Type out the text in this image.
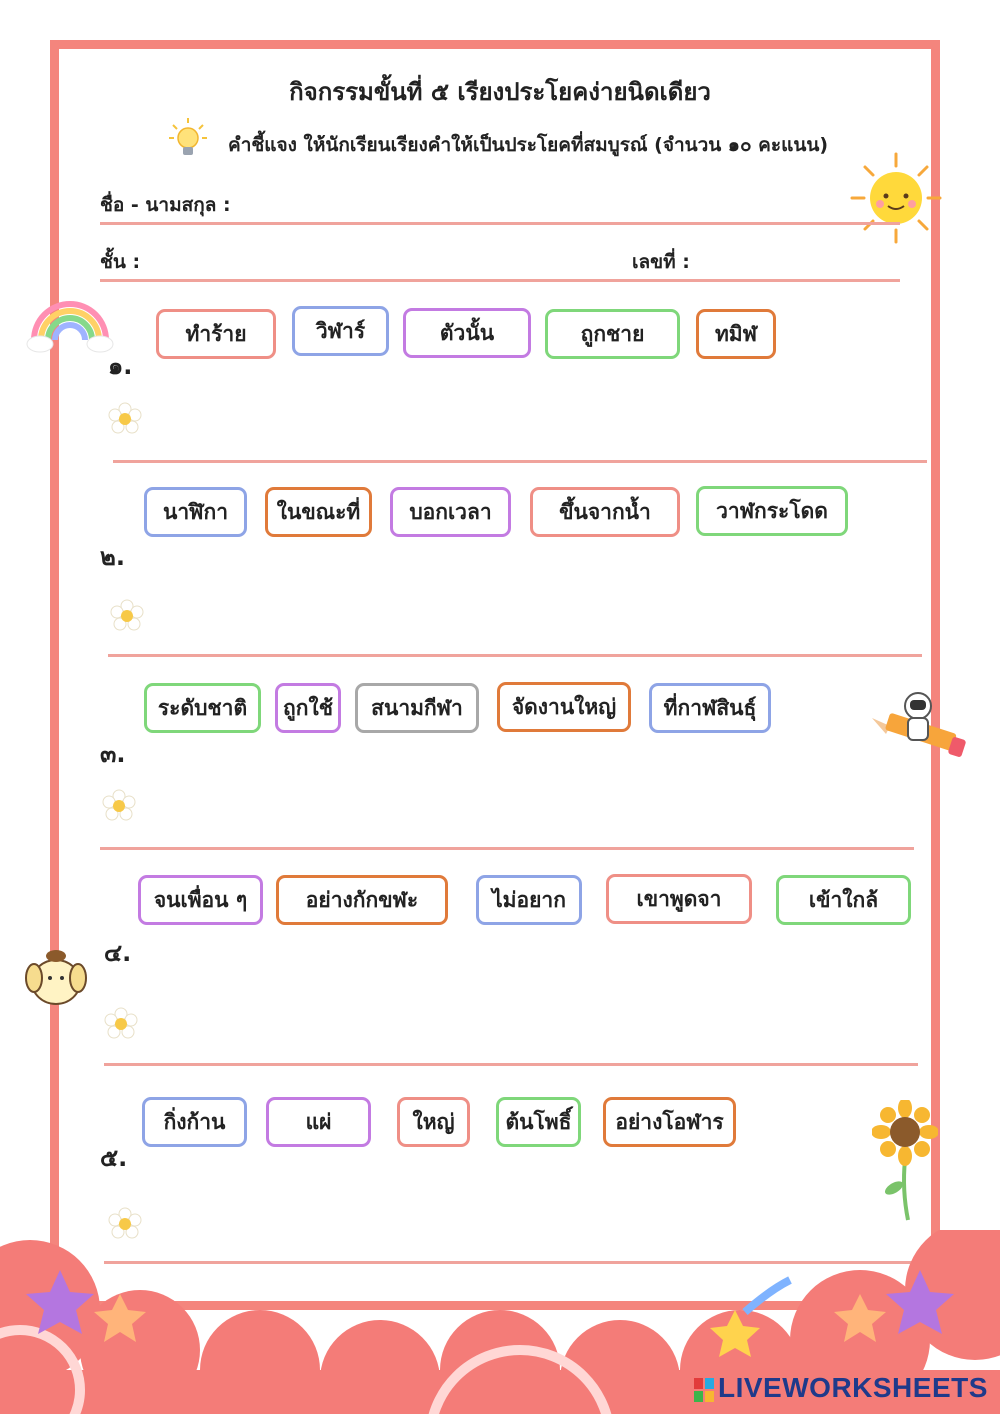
กิจกรรมขั้นที่ ๕ เรียงประโยคง่ายนิดเดียว
คำชี้แจง ให้นักเรียนเรียงคำให้เป็นประโยคที่สมบูรณ์ (จำนวน ๑๐ คะแนน)
ชื่อ - นามสกุล :
ชั้น :	เลขที่ :
ทำร้าย	วิฬาร์	ตัวนั้น	ถูกชาย	ทมิฬ
๑.
นาฬิกา	ในขณะที่	บอกเวลา	ขึ้นจากน้ำ	วาฬกระโดด
๒.
ระดับชาติ	ถูกใช้	สนามกีฬา	จัดงานใหญ่	ที่กาฬสินธุ์
๓.
จนเพื่อน ๆ	อย่างกักขฬะ	ไม่อยาก	เขาพูดจา	เข้าใกล้
๔.
กิ่งก้าน	แผ่	ใหญ่	ต้นโพธิ์	อย่างโอฬาร
๕.
LIVEWORKSHEETS
